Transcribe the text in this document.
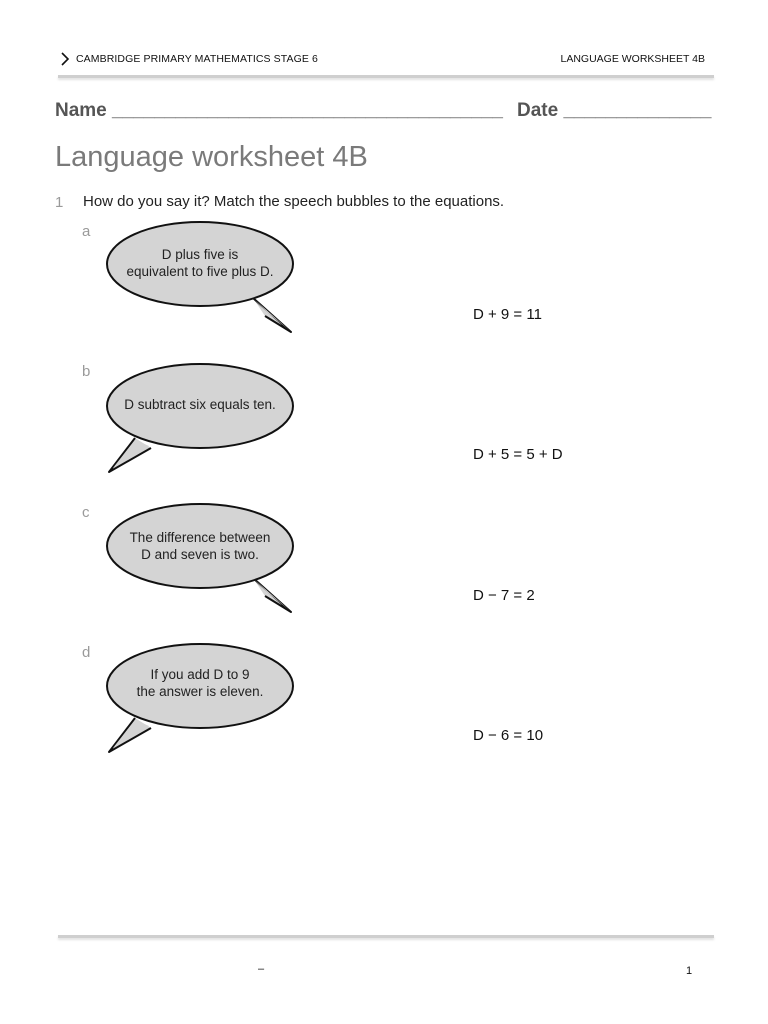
CAMBRIDGE PRIMARY MATHEMATICS STAGE 6	LANGUAGE WORKSHEET 4B
Name _____________________________________ Date ______________
Language worksheet 4B
1 How do you say it? Match the speech bubbles to the equations.
a
D plus five is
equivalent to five plus D.
D + 9 = 11
b
D subtract six equals ten.
D + 5 = 5 + D
c
The difference between
D and seven is two.
D − 7 = 2
d
If you add D to 9
the answer is eleven.
D − 6 = 10
–	1
